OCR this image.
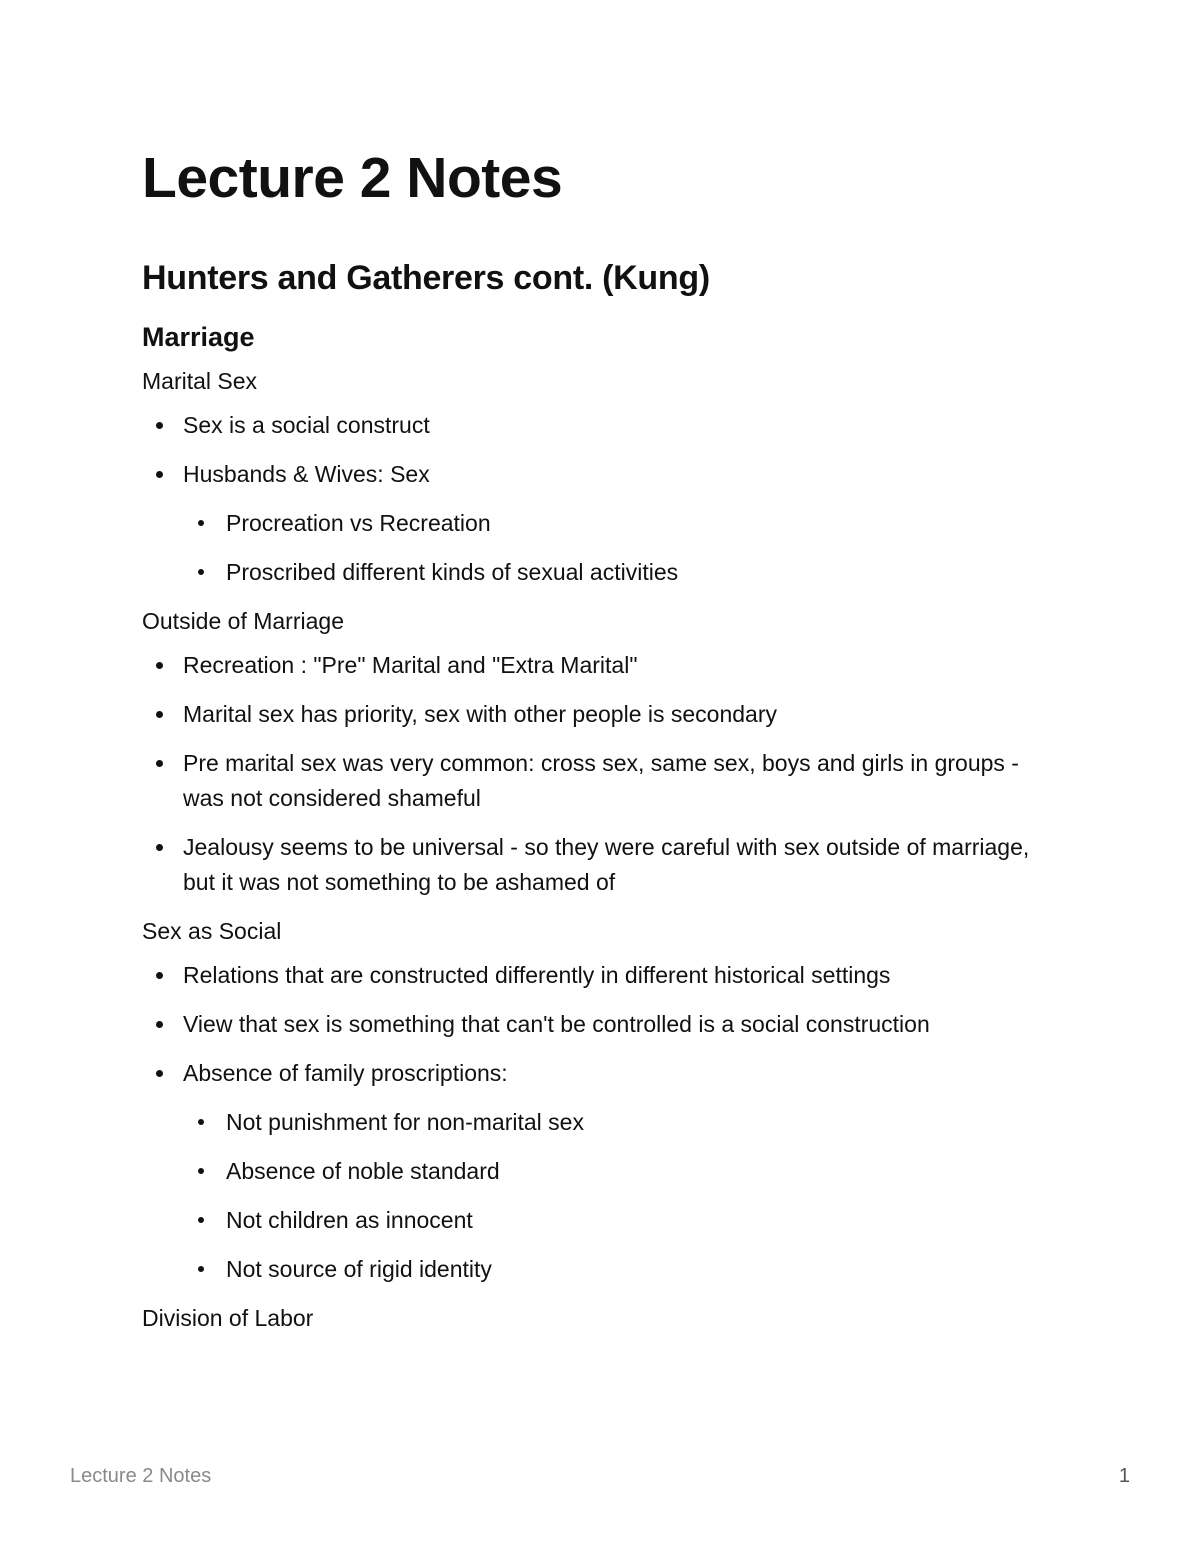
Lecture 2 Notes
Hunters and Gatherers cont. (Kung)
Marriage

Marital Sex

Sex is a social construct
Husbands & Wives: Sex
Procreation vs Recreation
Proscribed different kinds of sexual activities

Outside of Marriage

Recreation : "Pre" Marital and "Extra Marital"
Marital sex has priority, sex with other people is secondary
Pre marital sex was very common: cross sex, same sex, boys and girls in groups - was not considered shameful
Jealousy seems to be universal - so they were careful with sex outside of marriage, but it was not something to be ashamed of

Sex as Social

Relations that are constructed differently in different historical settings
View that sex is something that can't be controlled is a social construction
Absence of family proscriptions:
Not punishment for non-marital sex
Absence of noble standard
Not children as innocent
Not source of rigid identity

Division of Labor

Lecture 2 Notes	1
